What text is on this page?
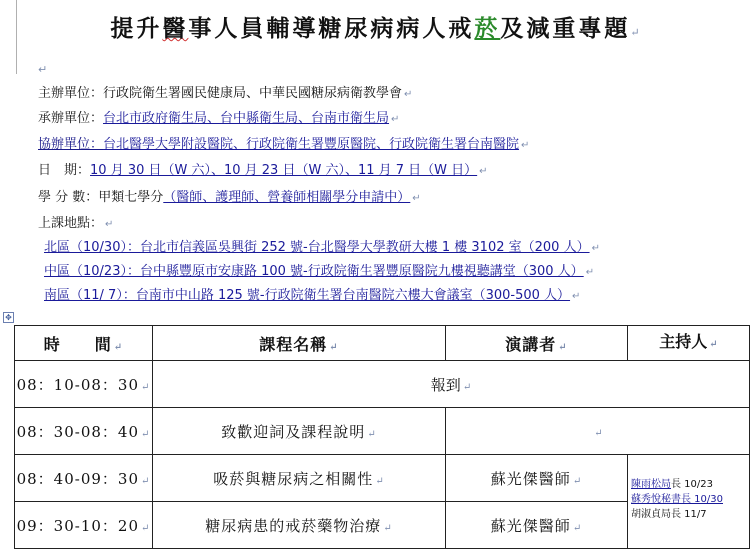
提升醫事人員輔導糖尿病病人戒菸及減重專題↵
↵
主辦單位：行政院衛生署國民健康局、中華民國糖尿病衛教學會 ↵
承辦單位：台北市政府衛生局、台中縣衛生局、台南市衛生局 ↵
協辦單位：台北醫學大學附設醫院、行政院衛生署豐原醫院、行政院衛生署台南醫院 ↵
日　期：10 月 30 日（W 六）、10 月 23 日（W 六）、11 月 7 日（W 日） ↵
學 分 數：甲類七學分（醫師、護理師、營養師相關學分申請中） ↵
上課地點： ↵
北區（10/30）：台北市信義區吳興街 252 號-台北醫學大學教研大樓 1 樓 3102 室（200 人） ↵
中區（10/23）：台中縣豐原市安康路 100 號-行政院衛生署豐原醫院九樓視聽講堂（300 人） ↵
南區（11/ 7）：台南市中山路 125 號-行政院衛生署台南醫院六樓大會議室（300-500 人） ↵
✥
時　　間 ↵	課程名稱 ↵	演講者 ↵	主持人 ↵
08：10-08：30 ↵	報到 ↵		
08：30-08：40 ↵	致歡迎詞及課程說明 ↵	↵	
08：40-09：30 ↵	吸菸與糖尿病之相關性 ↵	蘇光傑醫師 ↵	陳雨松局長 10/23
蘇秀悅秘書長 10/30
胡淑貞局長 11/7

09：30-10：20 ↵	糖尿病患的戒菸藥物治療 ↵	蘇光傑醫師 ↵	
